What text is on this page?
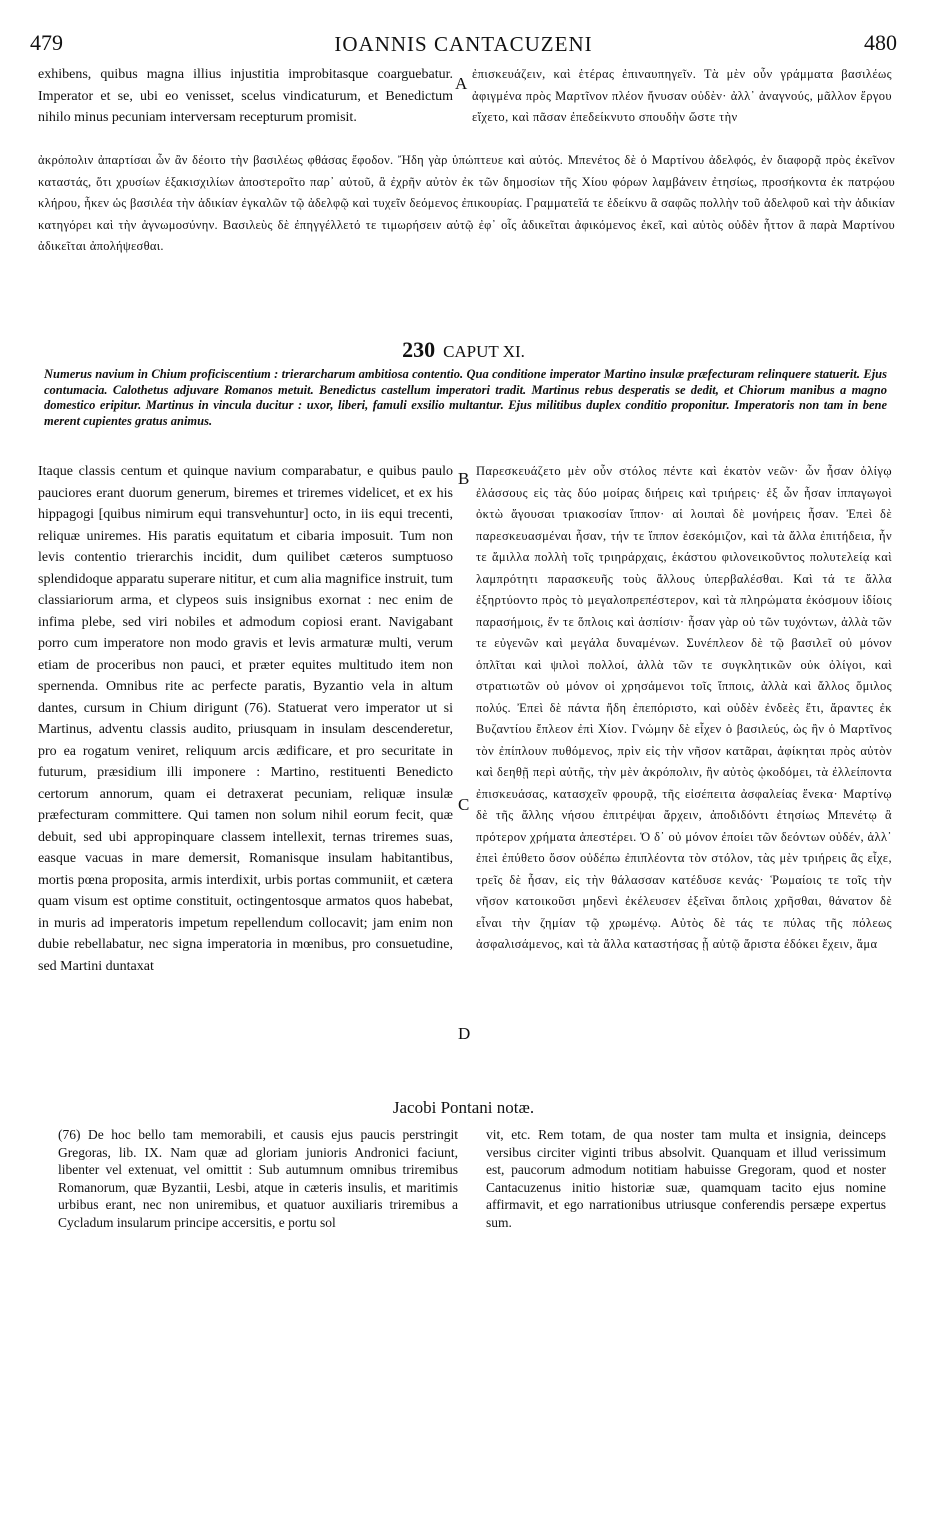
479	IOANNIS CANTACUZENI	480
exhibens, quibus magna illius injustitia improbitasque coarguebatur. Imperator et se, ubi eo venisset, scelus vindicaturum, et Benedictum nihilo minus pecuniam interversam recepturum promisit.
A ἐπισκευάζειν, καὶ ἑτέρας ἐπιναυπηγεῖν. Τὰ μὲν οὖν γράμματα βασιλέως ἀφιγμένα πρὸς Μαρτῖνον πλέον ἤνυσαν οὐδὲν· ἀλλ᾽ ἀναγνούς, μᾶλλον ἔργου εἴχετο, καὶ πᾶσαν ἐπεδείκνυτο σπουδὴν ὥστε τὴν
ἀκρόπολιν ἀπαρτίσαι ὧν ἂν δέοιτο τὴν βασιλέως φθάσας ἔφοδον. Ἤδη γὰρ ὑπώπτευε καὶ αὐτός. Μπενέτος δὲ ὁ Μαρτίνου ἀδελφός, ἐν διαφορᾷ πρὸς ἐκεῖνον καταστάς, ὅτι χρυσίων ἑξακισχιλίων ἀποστεροῖτο παρ᾽ αὐτοῦ, ἃ ἐχρῆν αὐτὸν ἐκ τῶν δημοσίων τῆς Χίου φόρων λαμβάνειν ἐτησίως, προσήκοντα ἐκ πατρῴου κλήρου, ἧκεν ὡς βασιλέα τὴν ἀδικίαν ἐγκαλῶν τῷ ἀδελφῷ καὶ τυχεῖν δεόμενος ἐπικουρίας. Γραμματεῖά τε ἐδείκνυ ἃ σαφῶς πολλὴν τοῦ ἀδελφοῦ καὶ τὴν ἀδικίαν κατηγόρει καὶ τὴν ἀγνωμοσύνην. Βασιλεὺς δὲ ἐπηγγέλλετό τε τιμωρήσειν αὐτῷ ἐφ᾽ οἷς ἀδικεῖται ἀφικόμενος ἐκεῖ, καὶ αὐτὸς οὐδὲν ἧττον ἃ παρὰ Μαρτίνου ἀδικεῖται ἀπολήψεσθαι.
230 CAPUT XI.
Numerus navium in Chium proficiscentium : trierarcharum ambitiosa contentio. Qua conditione imperator Martino insulæ præfecturam relinquere statuerit. Ejus contumacia. Calothetus adjuvare Romanos metuit. Benedictus castellum imperatori tradit. Martinus rebus desperatis se dedit, et Chiorum manibus a magno domestico eripitur. Martinus in vincula ducitur : uxor, liberi, famuli exsilio multantur. Ejus militibus duplex conditio proponitur. Imperatoris non tam in bene merent cupientes gratus animus.
Itaque classis centum et quinque navium comparabatur, e quibus paulo pauciores erant duorum generum, biremes et triremes videlicet, et ex his hippagogi [quibus nimirum equi transvehuntur] octo, in iis equi trecenti, reliquæ uniremes. His paratis equitatum et cibaria imposuit. Tum non levis contentio trierarchis incidit, dum quilibet cæteros sumptuoso splendidoque apparatu superare nititur, et cum alia magnifice instruit, tum classiariorum arma, et clypeos suis insignibus exornat : nec enim de infima plebe, sed viri nobiles et admodum copiosi erant. Navigabant porro cum imperatore non modo gravis et levis armaturæ multi, verum etiam de proceribus non pauci, et præter equites multitudo item non spernenda. Omnibus rite ac perfecte paratis, Byzantio vela in altum dantes, cursum in Chium dirigunt (76). Statuerat vero imperator ut si Martinus, adventu classis audito, priusquam in insulam descenderetur, pro ea rogatum veniret, reliquum arcis ædificare, et pro securitate in futurum, præsidium illi imponere : Martino, restituenti Benedicto certorum annorum, quam ei detraxerat pecuniam, reliquæ insulæ præfecturam committere. Qui tamen non solum nihil eorum fecit, quæ debuit, sed ubi appropinquare classem intellexit, ternas triremes suas, easque vacuas in mare demersit, Romanisque insulam habitantibus, mortis pœna proposita, armis interdixit, urbis portas communiit, et cætera quam visum est optime constituit, octingentosque armatos quos habebat, in muris ad imperatoris impetum repellendum collocavit; jam enim non dubie rebellabatur, nec signa imperatoria in mœnibus, pro consuetudine, sed Martini duntaxat
B
C
D
Παρεσκευάζετο μὲν οὖν στόλος πέντε καὶ ἑκατὸν νεῶν· ὧν ἦσαν ὀλίγῳ ἐλάσσους εἰς τὰς δύο μοίρας διήρεις καὶ τριήρεις· ἐξ ὧν ἦσαν ἱππαγωγοὶ ὀκτὼ ἄγουσαι τριακοσίαν ἵππον· αἱ λοιπαὶ δὲ μονήρεις ἦσαν. Ἐπεὶ δὲ παρεσκευασμέναι ἦσαν, τήν τε ἵππον ἐσεκόμιζον, καὶ τὰ ἄλλα ἐπιτήδεια, ἦν τε ἅμιλλα πολλὴ τοῖς τριηράρχαις, ἑκάστου φιλονεικοῦντος πολυτελείᾳ καὶ λαμπρότητι παρασκευῆς τοὺς ἄλλους ὑπερβαλέσθαι. Καὶ τά τε ἄλλα ἐξηρτύοντο πρὸς τὸ μεγαλοπρεπέστερον, καὶ τὰ πληρώματα ἐκόσμουν ἰδίοις παρασήμοις, ἔν τε ὅπλοις καὶ ἀσπίσιν· ἦσαν γὰρ οὐ τῶν τυχόντων, ἀλλὰ τῶν τε εὐγενῶν καὶ μεγάλα δυναμένων. Συνέπλεον δὲ τῷ βασιλεῖ οὐ μόνον ὁπλῖται καὶ ψιλοὶ πολλοί, ἀλλὰ τῶν τε συγκλητικῶν οὐκ ὀλίγοι, καὶ στρατιωτῶν οὐ μόνον οἱ χρησάμενοι τοῖς ἵπποις, ἀλλὰ καὶ ἄλλος ὅμιλος πολύς. Ἐπεὶ δὲ πάντα ἤδη ἐπεπόριστο, καὶ οὐδὲν ἐνδεὲς ἔτι, ἄραντες ἐκ Βυζαντίου ἔπλεον ἐπὶ Χίον. Γνώμην δὲ εἶχεν ὁ βασιλεύς, ὡς ἢν ὁ Μαρτῖνος τὸν ἐπίπλουν πυθόμενος, πρὶν εἰς τὴν νῆσον κατᾶραι, ἀφίκηται πρὸς αὐτὸν καὶ δεηθῇ περὶ αὐτῆς, τὴν μὲν ἀκρόπολιν, ἣν αὐτὸς ᾠκοδόμει, τὰ ἐλλείποντα ἐπισκευάσας, κατασχεῖν φρουρᾷ, τῆς εἰσέπειτα ἀσφαλείας ἕνεκα· Μαρτίνῳ δὲ τῆς ἄλλης νήσου ἐπιτρέψαι ἄρχειν, ἀποδιδόντι ἐτησίως Μπενέτῳ ἃ πρότερον χρήματα ἀπεστέρει. Ὁ δ᾽ οὐ μόνον ἐποίει τῶν δεόντων οὐδέν, ἀλλ᾽ ἐπεὶ ἐπύθετο ὅσον οὐδέπω ἐπιπλέοντα τὸν στόλον, τὰς μὲν τριήρεις ἃς εἶχε, τρεῖς δὲ ἦσαν, εἰς τὴν θάλασσαν κατέδυσε κενάς· Ῥωμαίοις τε τοῖς τὴν νῆσον κατοικοῦσι μηδενὶ ἐκέλευσεν ἐξεῖναι ὅπλοις χρῆσθαι, θάνατον δὲ εἶναι τὴν ζημίαν τῷ χρωμένῳ. Αὐτὸς δὲ τάς τε πύλας τῆς πόλεως ἀσφαλισάμενος, καὶ τὰ ἄλλα καταστήσας ᾗ αὐτῷ ἄριστα ἐδόκει ἔχειν, ἅμα
Jacobi Pontani notæ.
(76) De hoc bello tam memorabili, et causis ejus paucis perstringit Gregoras, lib. IX. Nam quæ ad gloriam junioris Andronici faciunt, libenter vel extenuat, vel omittit : Sub autumnum omnibus triremibus Romanorum, quæ Byzantii, Lesbi, atque in cæteris insulis, et maritimis urbibus erant, nec non uniremibus, et quatuor auxiliaris triremibus a Cycladum insularum principe accersitis, e portu sol
vit, etc. Rem totam, de qua noster tam multa et insignia, deinceps versibus circiter viginti tribus absolvit. Quanquam et illud verissimum est, paucorum admodum notitiam habuisse Gregoram, quod et noster Cantacuzenus initio historiæ suæ, quamquam tacito ejus nomine affirmavit, et ego narrationibus utriusque conferendis persæpe expertus sum.
